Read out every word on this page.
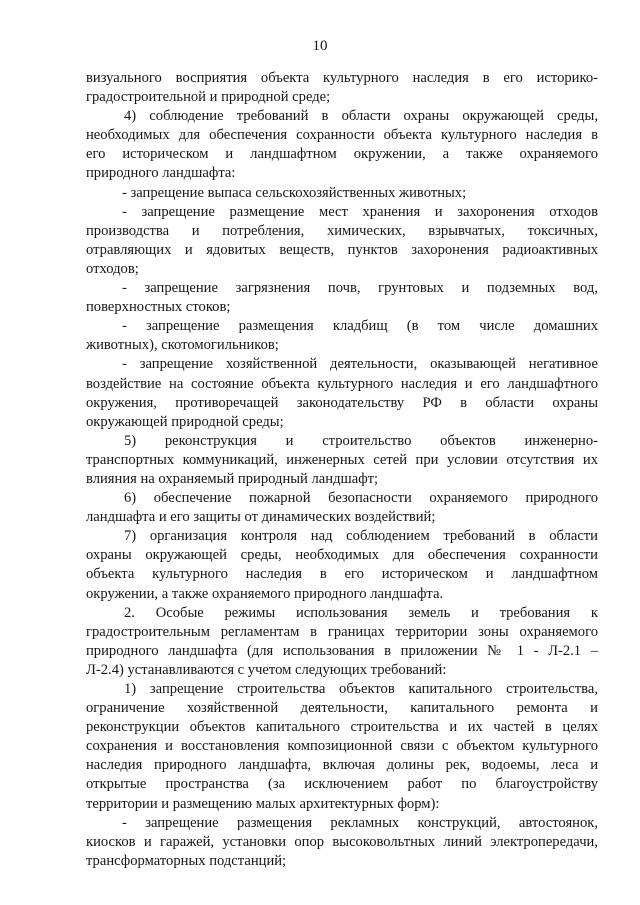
10
визуального восприятия объекта культурного наследия в его историко-
градостроительной и природной среде;
4) соблюдение требований в области охраны окружающей среды,
необходимых для обеспечения сохранности объекта культурного наследия в
его историческом и ландшафтном окружении, а также охраняемого
природного ландшафта:
- запрещение выпаса сельскохозяйственных животных;
- запрещение размещение мест хранения и захоронения отходов
производства и потребления, химических, взрывчатых, токсичных,
отравляющих и ядовитых веществ, пунктов захоронения радиоактивных
отходов;
- запрещение загрязнения почв, грунтовых и подземных вод,
поверхностных стоков;
- запрещение размещения кладбищ (в том числе домашних
животных), скотомогильников;
- запрещение хозяйственной деятельности, оказывающей негативное
воздействие на состояние объекта культурного наследия и его ландшафтного
окружения, противоречащей законодательству РФ в области охраны
окружающей природной среды;
5) реконструкция и строительство объектов инженерно-
транспортных коммуникаций, инженерных сетей при условии отсутствия их
влияния на охраняемый природный ландшафт;
6) обеспечение пожарной безопасности охраняемого природного
ландшафта и его защиты от динамических воздействий;
7) организация контроля над соблюдением требований в области
охраны окружающей среды, необходимых для обеспечения сохранности
объекта культурного наследия в его историческом и ландшафтном
окружении, а также охраняемого природного ландшафта.
2. Особые режимы использования земель и требования к
градостроительным регламентам в границах территории зоны охраняемого
природного ландшафта (для использования в приложении № 1 - Л-2.1 –
Л-2.4) устанавливаются с учетом следующих требований:
1) запрещение строительства объектов капитального строительства,
ограничение хозяйственной деятельности, капитального ремонта и
реконструкции объектов капитального строительства и их частей в целях
сохранения и восстановления композиционной связи с объектом культурного
наследия природного ландшафта, включая долины рек, водоемы, леса и
открытые пространства (за исключением работ по благоустройству
территории и размещению малых архитектурных форм):
- запрещение размещения рекламных конструкций, автостоянок,
киосков и гаражей, установки опор высоковольтных линий электропередачи,
трансформаторных подстанций;
